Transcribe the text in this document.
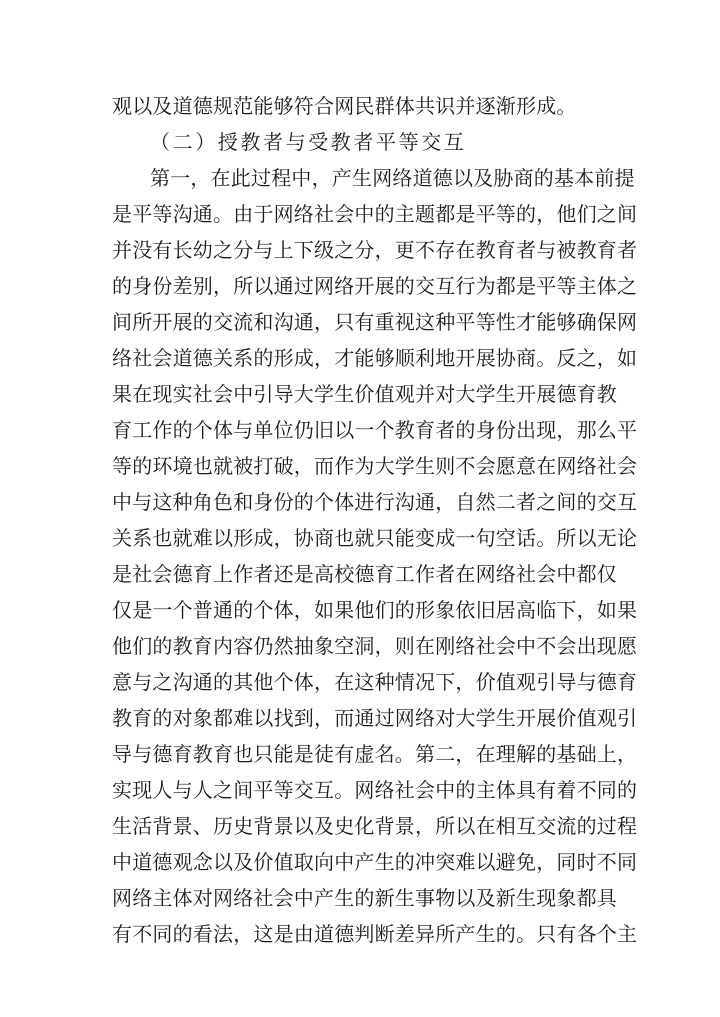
观以及道德规范能够符合网民群体共识并逐渐形成。
（二）授教者与受教者平等交互
第一，在此过程中，产生网络道德以及胁商的基本前提
是平等沟通。由于网络社会中的主题都是平等的，他们之间
并没有长幼之分与上下级之分，更不存在教育者与被教育者
的身份差别，所以通过网络开展的交互行为都是平等主体之
间所开展的交流和沟通，只有重视这种平等性才能够确保网
络社会道德关系的形成，才能够顺利地开展协商。反之，如
果在现实社会中引导大学生价值观并对大学生开展德育教
育工作的个体与单位仍旧以一个教育者的身份出现，那么平
等的环境也就被打破，而作为大学生则不会愿意在网络社会
中与这种角色和身份的个体进行沟通，自然二者之间的交互
关系也就难以形成，协商也就只能变成一句空话。所以无论
是社会德育上作者还是高校德育工作者在网络社会中都仅
仅是一个普通的个体，如果他们的形象依旧居高临下，如果
他们的教育内容仍然抽象空洞，则在刚络社会中不会出现愿
意与之沟通的其他个体，在这种情况下，价值观引导与德育
教育的对象都难以找到，而通过网络对大学生开展价值观引
导与德育教育也只能是徒有虚名。第二，在理解的基础上，
实现人与人之间平等交互。网络社会中的主体具有着不同的
生活背景、历史背景以及史化背景，所以在相互交流的过程
中道德观念以及价值取向中产生的冲突难以避免，同时不同
网络主体对网络社会中产生的新生事物以及新生现象都具
有不同的看法，这是由道德判断差异所产生的。只有各个主
